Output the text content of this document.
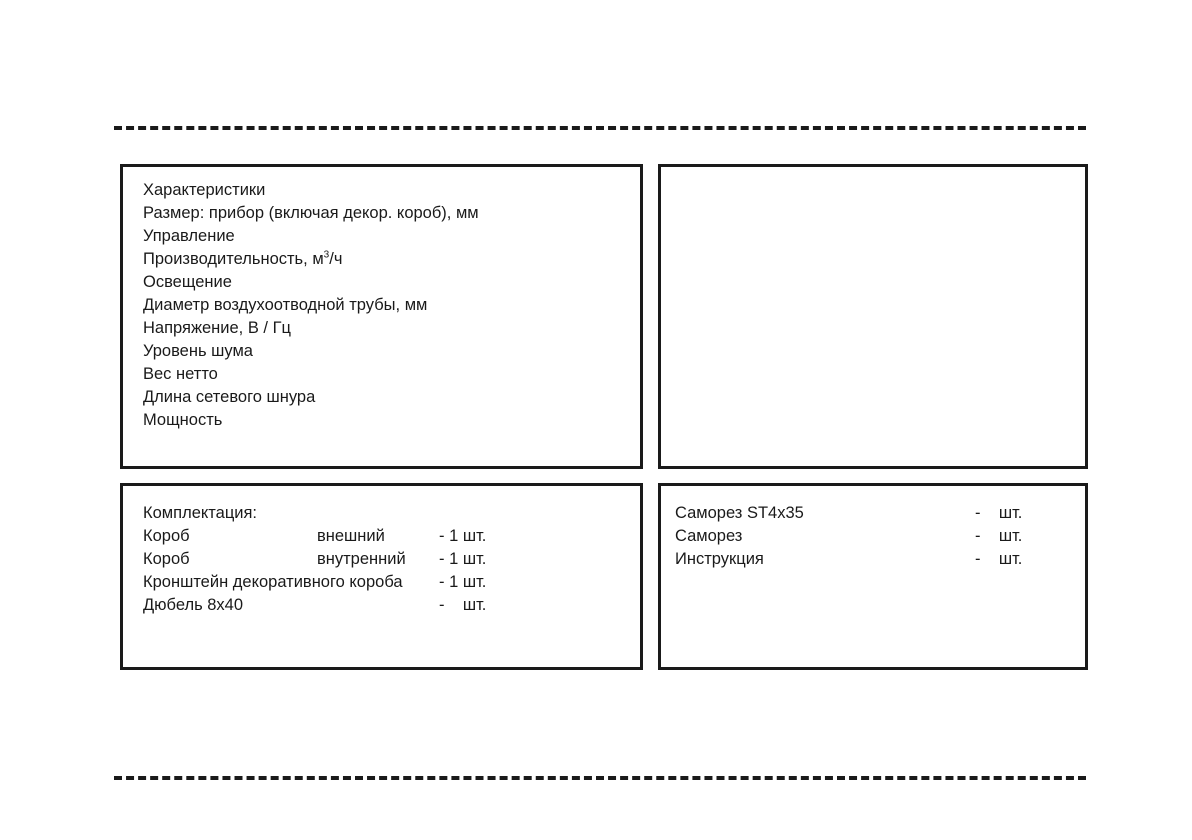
Характеристики
Размер: прибор (включая декор. короб), мм
Управление
Производительность, $м^3/ч$
Освещение
Диаметр воздухоотводной трубы, мм
Напряжение, В / Гц
Уровень шума
Вес нетто
Длина сетевого шнура
Мощность
Комплектация:
Короб	внешний	- 1 шт.
Короб	внутренний - 1 шт.
Кронштейн декоративного короба - 1 шт.
Дюбель 8х40	-    шт.
Саморез ST4x35	-    шт.
Саморез	-    шт.
Инструкция	-    шт.
